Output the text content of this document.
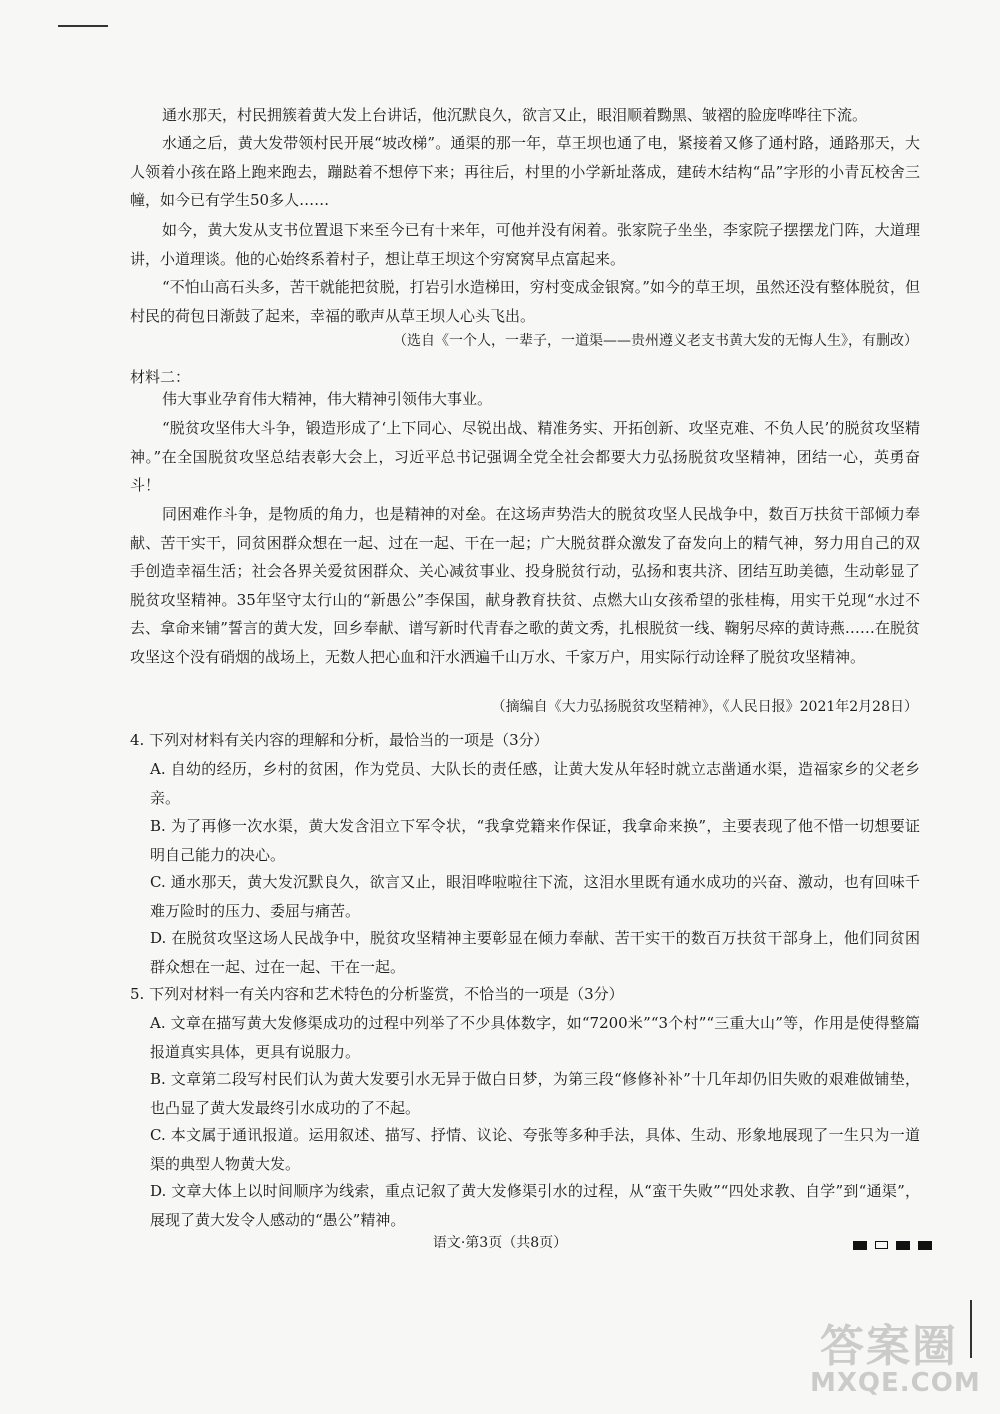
通水那天，村民拥簇着黄大发上台讲话，他沉默良久，欲言又止，眼泪顺着黝黑、皱褶的脸庞哗哗往下流。

水通之后，黄大发带领村民开展“坡改梯”。通渠的那一年，草王坝也通了电，紧接着又修了通村路，通路那天，大人领着小孩在路上跑来跑去，蹦跶着不想停下来；再往后，村里的小学新址落成，建砖木结构“品”字形的小青瓦校舍三幢，如今已有学生50多人……

如今，黄大发从支书位置退下来至今已有十来年，可他并没有闲着。张家院子坐坐，李家院子摆摆龙门阵，大道理讲，小道理谈。他的心始终系着村子，想让草王坝这个穷窝窝早点富起来。

“不怕山高石头多，苦干就能把贫脱，打岩引水造梯田，穷村变成金银窝。”如今的草王坝，虽然还没有整体脱贫，但村民的荷包日渐鼓了起来，幸福的歌声从草王坝人心头飞出。

（选自《一个人，一辈子，一道渠——贵州遵义老支书黄大发的无悔人生》，有删改）
材料二：

伟大事业孕育伟大精神，伟大精神引领伟大事业。

“脱贫攻坚伟大斗争，锻造形成了‘上下同心、尽锐出战、精准务实、开拓创新、攻坚克难、不负人民’的脱贫攻坚精神。”在全国脱贫攻坚总结表彰大会上，习近平总书记强调全党全社会都要大力弘扬脱贫攻坚精神，团结一心，英勇奋斗！

同困难作斗争，是物质的角力，也是精神的对垒。在这场声势浩大的脱贫攻坚人民战争中，数百万扶贫干部倾力奉献、苦干实干，同贫困群众想在一起、过在一起、干在一起；广大脱贫群众激发了奋发向上的精气神，努力用自己的双手创造幸福生活；社会各界关爱贫困群众、关心减贫事业、投身脱贫行动，弘扬和衷共济、团结互助美德，生动彰显了脱贫攻坚精神。35年坚守太行山的“新愚公”李保国，献身教育扶贫、点燃大山女孩希望的张桂梅，用实干兑现“水过不去、拿命来铺”誓言的黄大发，回乡奉献、谱写新时代青春之歌的黄文秀，扎根脱贫一线、鞠躬尽瘁的黄诗燕……在脱贫攻坚这个没有硝烟的战场上，无数人把心血和汗水洒遍千山万水、千家万户，用实际行动诠释了脱贫攻坚精神。

（摘编自《大力弘扬脱贫攻坚精神》，《人民日报》2021年2月28日）

4. 下列对材料有关内容的理解和分析，最恰当的一项是（3分）

A. 自幼的经历，乡村的贫困，作为党员、大队长的责任感，让黄大发从年轻时就立志凿通水渠，造福家乡的父老乡亲。

B. 为了再修一次水渠，黄大发含泪立下军令状，“我拿党籍来作保证，我拿命来换”，主要表现了他不惜一切想要证明自己能力的决心。

C. 通水那天，黄大发沉默良久，欲言又止，眼泪哗啦啦往下流，这泪水里既有通水成功的兴奋、激动，也有回味千难万险时的压力、委屈与痛苦。

D. 在脱贫攻坚这场人民战争中，脱贫攻坚精神主要彰显在倾力奉献、苦干实干的数百万扶贫干部身上，他们同贫困群众想在一起、过在一起、干在一起。

5. 下列对材料一有关内容和艺术特色的分析鉴赏，不恰当的一项是（3分）

A. 文章在描写黄大发修渠成功的过程中列举了不少具体数字，如“7200米”“3个村”“三重大山”等，作用是使得整篇报道真实具体，更具有说服力。

B. 文章第二段写村民们认为黄大发要引水无异于做白日梦，为第三段“修修补补”十几年却仍旧失败的艰难做铺垫，也凸显了黄大发最终引水成功的了不起。

C. 本文属于通讯报道。运用叙述、描写、抒情、议论、夸张等多种手法，具体、生动、形象地展现了一生只为一道渠的典型人物黄大发。

D. 文章大体上以时间顺序为线索，重点记叙了黄大发修渠引水的过程，从“蛮干失败”“四处求教、自学”到“通渠”，展现了黄大发令人感动的“愚公”精神。

语文·第3页（共8页）
答案圈
MXQE.COM
